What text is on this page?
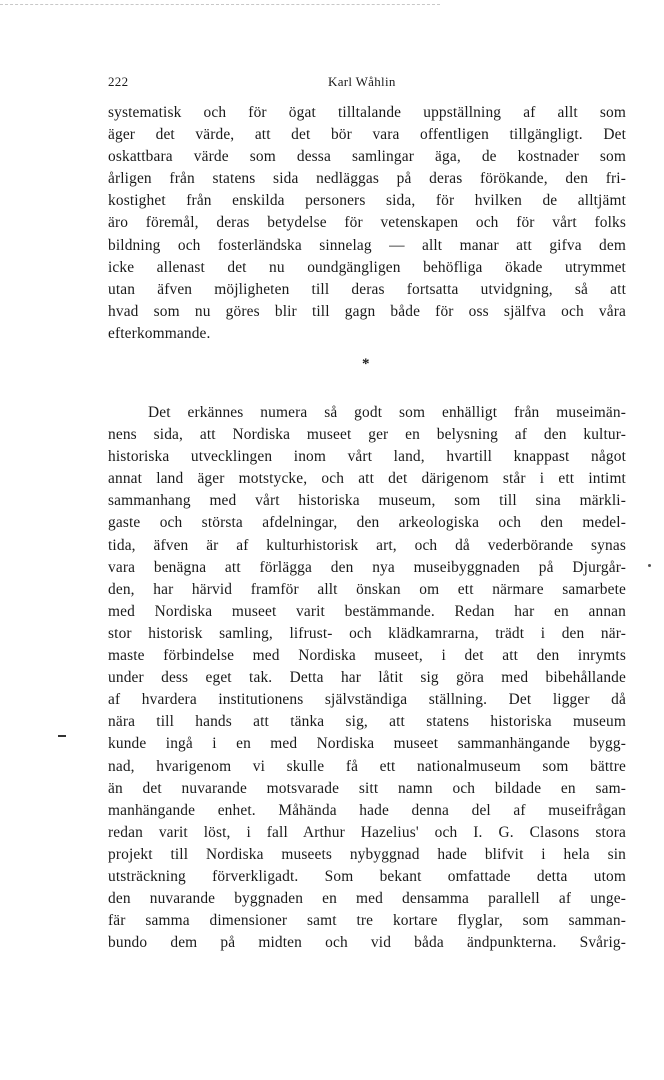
222	Karl Wåhlin
systematisk och för ögat tilltalande uppställning af allt som
äger det värde, att det bör vara offentligen tillgängligt. Det
oskattbara värde som dessa samlingar äga, de kostnader som
årligen från statens sida nedläggas på deras förökande, den fri-
kostighet från enskilda personers sida, för hvilken de alltjämt
äro föremål, deras betydelse för vetenskapen och för vårt folks
bildning och fosterländska sinnelag — allt manar att gifva dem
icke allenast det nu oundgängligen behöfliga ökade utrymmet
utan äfven möjligheten till deras fortsatta utvidgning, så att
hvad som nu göres blir till gagn både för oss själfva och våra
efterkommande.
*
Det erkännes numera så godt som enhälligt från museimän-
nens sida, att Nordiska museet ger en belysning af den kultur-
historiska utvecklingen inom vårt land, hvartill knappast något
annat land äger motstycke, och att det därigenom står i ett intimt
sammanhang med vårt historiska museum, som till sina märkli-
gaste och största afdelningar, den arkeologiska och den medel-
tida, äfven är af kulturhistorisk art, och då vederbörande synas
vara benägna att förlägga den nya museibyggnaden på Djurgår-
den, har härvid framför allt önskan om ett närmare samarbete
med Nordiska museet varit bestämmande. Redan har en annan
stor historisk samling, lifrust- och klädkamrarna, trädt i den när-
maste förbindelse med Nordiska museet, i det att den inrymts
under dess eget tak. Detta har låtit sig göra med bibehållande
af hvardera institutionens självständiga ställning. Det ligger då
nära till hands att tänka sig, att statens historiska museum
kunde ingå i en med Nordiska museet sammanhängande bygg-
nad, hvarigenom vi skulle få ett nationalmuseum som bättre
än det nuvarande motsvarade sitt namn och bildade en sam-
manhängande enhet. Måhända hade denna del af museifrågan
redan varit löst, i fall Arthur Hazelius' och I. G. Clasons stora
projekt till Nordiska museets nybyggnad hade blifvit i hela sin
utsträckning förverkligadt. Som bekant omfattade detta utom
den nuvarande byggnaden en med densamma parallell af unge-
fär samma dimensioner samt tre kortare flyglar, som samman-
bundo dem på midten och vid båda ändpunkterna. Svårig-
